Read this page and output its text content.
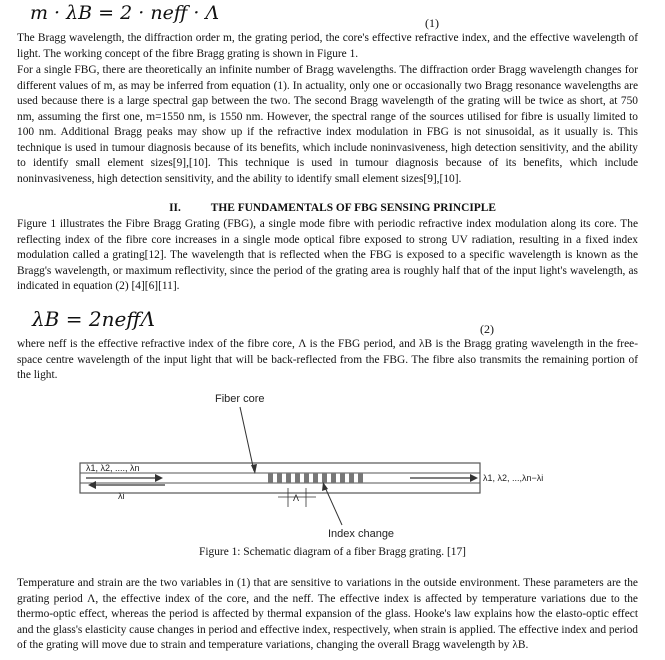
m · λB = 2 · neff · Λ	(1)

The Bragg wavelength, the diffraction order m, the grating period, the core's effective refractive index, and the effective wavelength of light. The working concept of the fibre Bragg grating is shown in Figure 1.

For a single FBG, there are theoretically an infinite number of Bragg wavelengths. The diffraction order Bragg wavelength changes for different values of m, as may be inferred from equation (1). In actuality, only one or occasionally two Bragg resonance wavelengths are used because there is a large spectral gap between the two. The second Bragg wavelength of the grating will be twice as short, at 750 nm, assuming the first one, m=1550 nm, is 1550 nm. However, the spectral range of the sources utilised for fibre is usually limited to 100 nm. Additional Bragg peaks may show up if the refractive index modulation in FBG is not sinusoidal, as it usually is. This technique is used in tumour diagnosis because of its benefits, which include noninvasiveness, high detection sensitivity, and the ability to identify small element sizes[9],[10]. This technique is used in tumour diagnosis because of its benefits, which include noninvasiveness, high detection sensitivity, and the ability to identify small element sizes[9],[10].

II.	THE FUNDAMENTALS OF FBG SENSING PRINCIPLE

Figure 1 illustrates the Fibre Bragg Grating (FBG), a single mode fibre with periodic refractive index modulation along its core. The reflecting index of the fibre core increases in a single mode optical fibre exposed to strong UV radiation, resulting in a fixed index modulation called a grating[12]. The wavelength that is reflected when the FBG is exposed to a specific wavelength is known as the Bragg's wavelength, or maximum reflectivity, since the period of the grating area is roughly half that of the input light's wavelength, as indicated in equation (2) [4][6][11].

λB = 2neffΛ	(2)

where neff is the effective refractive index of the fibre core, Λ is the FBG period, and λB is the Bragg grating wavelength in the free-space centre wavelength of the input light that will be back-reflected from the FBG. The fibre also transmits the remaining portion of the light.

λ1, λ2, ...., λn
λi
λ1, λ2, ...,λn−λi
Fiber core
Λ
Index change
Figure 1: Schematic diagram of a fiber Bragg grating. [17]

Temperature and strain are the two variables in (1) that are sensitive to variations in the outside environment. These parameters are the grating period Λ, the effective index of the core, and the neff. The effective index is affected by temperature variations due to the thermo-optic effect, whereas the period is affected by thermal expansion of the glass. Hooke's law explains how the elasto-optic effect and the glass's elasticity cause changes in period and effective index, respectively, when strain is applied. The effective index and period of the grating will move due to strain and temperature variations, changing the overall Bragg wavelength by λB.
